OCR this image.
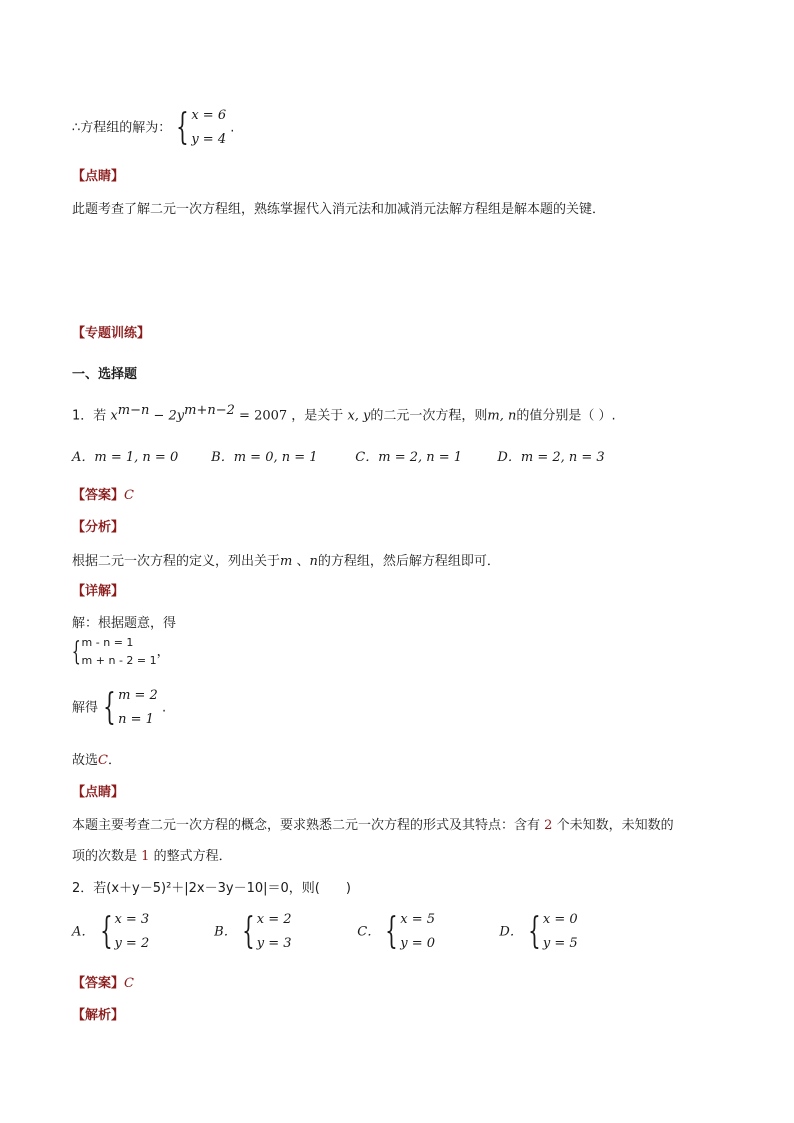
∴方程组的解为： { x = 6
y = 4
.
【点睛】
此题考查了解二元一次方程组，熟练掌握代入消元法和加减消元法解方程组是解本题的关键．
【专题训练】
一、选择题
1．若 $x^{m-n} - 2y^{m+n-2} = 2007$ ，是关于 x, y的二元一次方程，则m, n的值分别是（ ）.
A．m = 1, n = 0	B．m = 0, n = 1	C．m = 2, n = 1	D．m = 2, n = 3
【答案】C
【分析】
根据二元一次方程的定义，列出关于m 、n的方程组，然后解方程组即可．
【详解】
解：根据题意，得
{ m - n = 1
m + n - 2 = 1
，
解得 { m = 2
n = 1
.
故选C．
【点睛】
本题主要考查二元一次方程的概念，要求熟悉二元一次方程的形式及其特点：含有 2 个未知数，未知数的
项的次数是 1 的整式方程．
2．若(x＋y－5)²＋|2x－3y－10|＝0，则(　　)
A． { x = 3
y = 2
B． { x = 2
y = 3
C． { x = 5
y = 0
D． { x = 0
y = 5
【答案】C
【解析】
